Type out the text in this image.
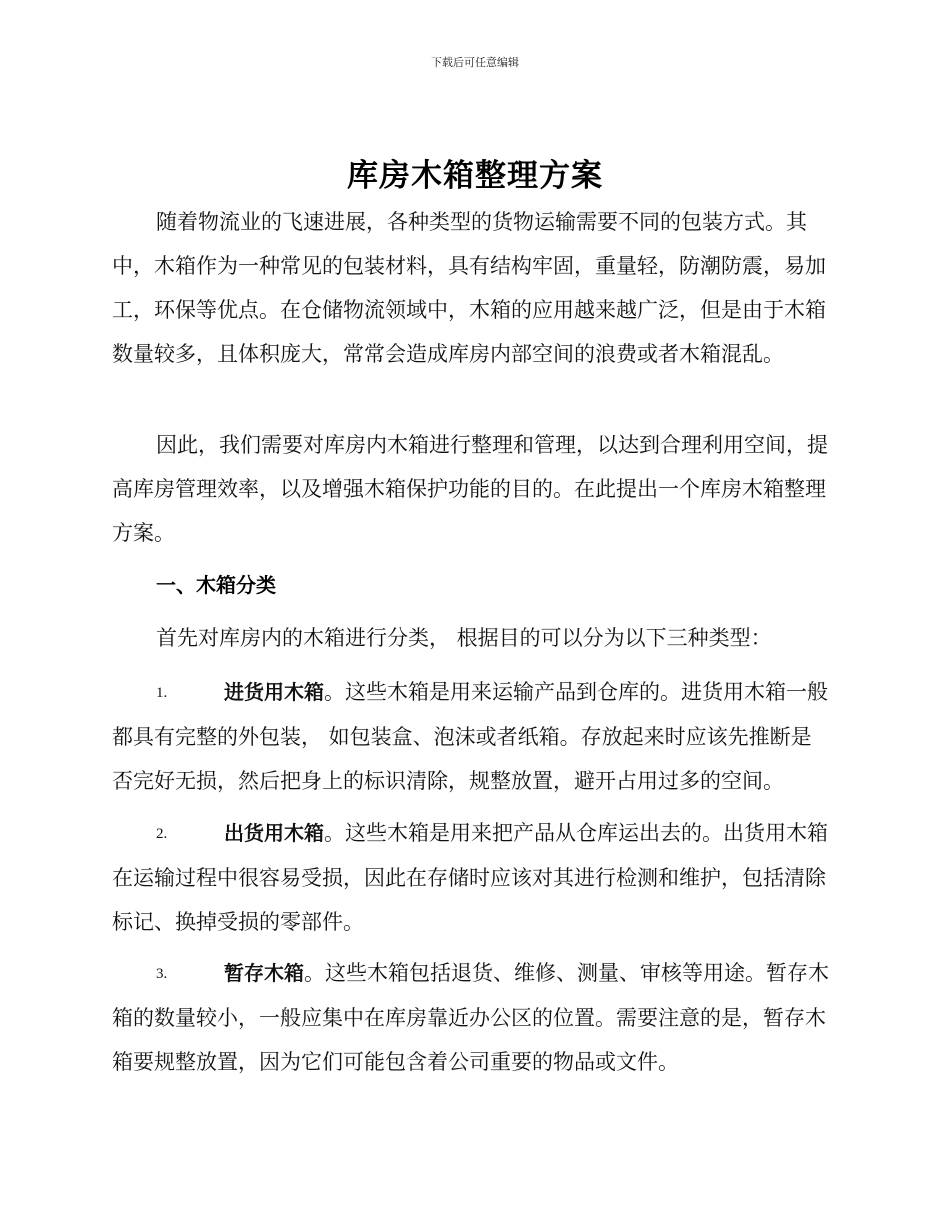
下载后可任意编辑
库房木箱整理方案

随着物流业的飞速进展，各种类型的货物运输需要不同的包装方式。其中，木箱作为一种常见的包装材料，具有结构牢固，重量轻，防潮防震，易加工，环保等优点。在仓储物流领域中，木箱的应用越来越广泛，但是由于木箱数量较多，且体积庞大，常常会造成库房内部空间的浪费或者木箱混乱。

因此，我们需要对库房内木箱进行整理和管理，以达到合理利用空间，提高库房管理效率，以及增强木箱保护功能的目的。在此提出一个库房木箱整理方案。

一、木箱分类

首先对库房内的木箱进行分类， 根据目的可以分为以下三种类型：

1.	进货用木箱。这些木箱是用来运输产品到仓库的。进货用木箱一般都具有完整的外包装， 如包装盒、泡沫或者纸箱。存放起来时应该先推断是否完好无损，然后把身上的标识清除，规整放置，避开占用过多的空间。

2.	出货用木箱。这些木箱是用来把产品从仓库运出去的。出货用木箱在运输过程中很容易受损，因此在存储时应该对其进行检测和维护，包括清除标记、换掉受损的零部件。

3.	暂存木箱。这些木箱包括退货、维修、测量、审核等用途。暂存木箱的数量较小，一般应集中在库房靠近办公区的位置。需要注意的是，暂存木箱要规整放置，因为它们可能包含着公司重要的物品或文件。
